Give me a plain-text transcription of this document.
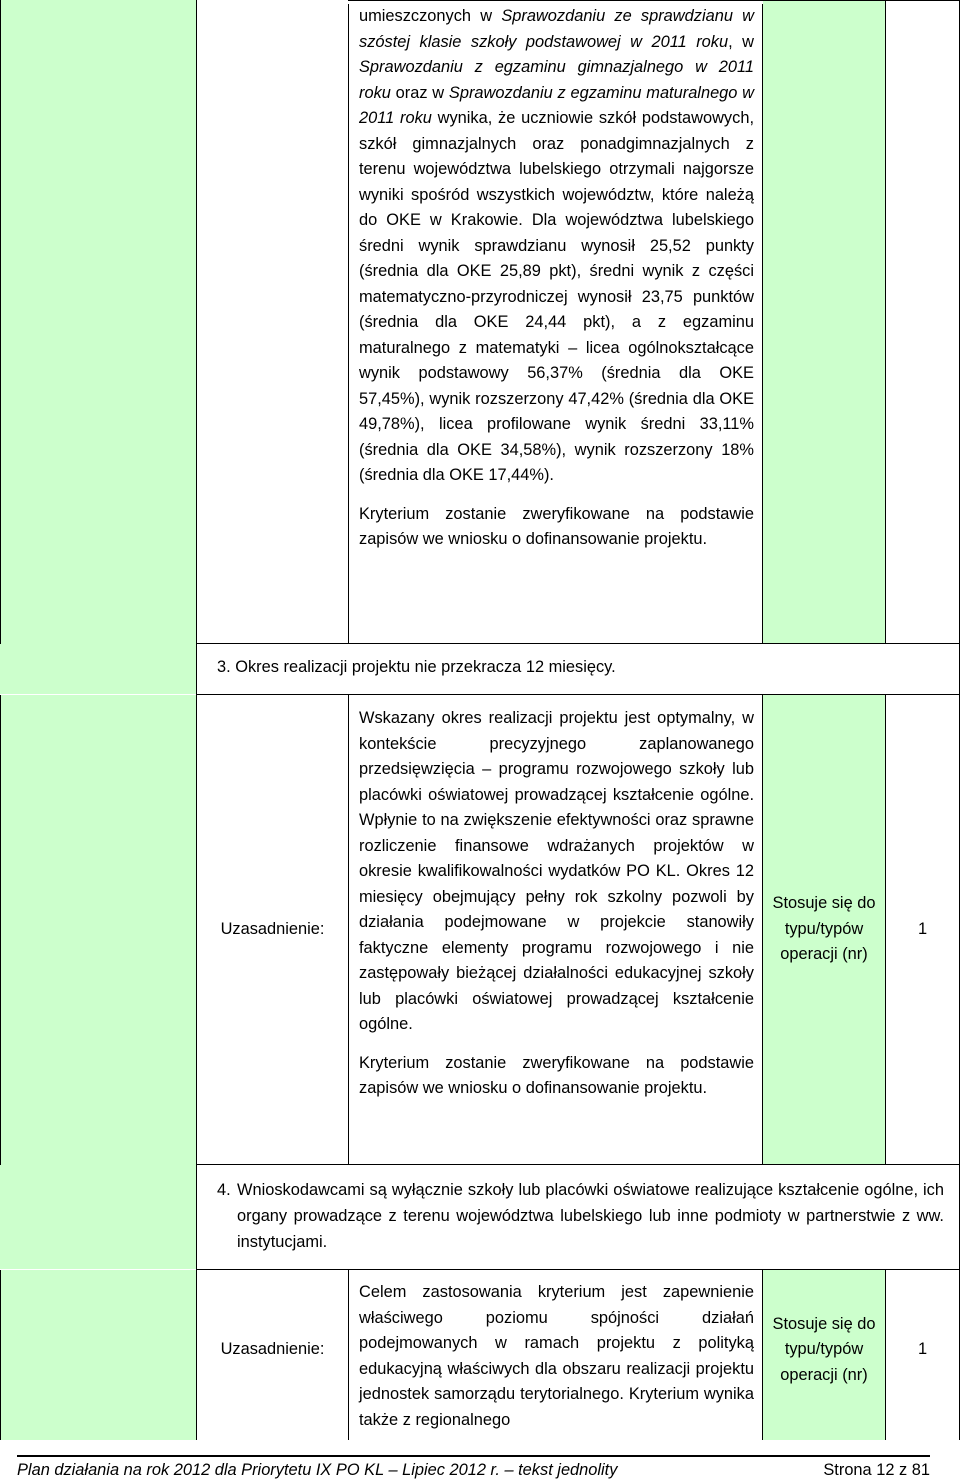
umieszczonych w Sprawozdaniu ze sprawdzianu w szóstej klasie szkoły podstawowej w 2011 roku, w Sprawozdaniu z egzaminu gimnazjalnego w 2011 roku oraz w Sprawozdaniu z egzaminu maturalnego w 2011 roku wynika, że uczniowie szkół podstawowych, szkół gimnazjalnych oraz ponadgimnazjalnych z terenu województwa lubelskiego otrzymali najgorsze wyniki spośród wszystkich województw, które należą do OKE w Krakowie. Dla województwa lubelskiego średni wynik sprawdzianu wynosił 25,52 punkty (średnia dla OKE 25,89 pkt), średni wynik z części matematyczno-przyrodniczej wynosił 23,75 punktów (średnia dla OKE 24,44 pkt), a z egzaminu maturalnego z matematyki – licea ogólnokształcące wynik podstawowy 56,37% (średnia dla OKE 57,45%), wynik rozszerzony 47,42% (średnia dla OKE 49,78%), licea profilowane wynik średni 33,11% (średnia dla OKE 34,58%), wynik rozszerzony 18% (średnia dla OKE 17,44%).

Kryterium zostanie zweryfikowane na podstawie zapisów we wniosku o dofinansowanie projektu.

3. Okres realizacji projektu nie przekracza 12 miesięcy.
Uzasadnienie:

Wskazany okres realizacji projektu jest optymalny, w kontekście precyzyjnego zaplanowanego przedsięwzięcia – programu rozwojowego szkoły lub placówki oświatowej prowadzącej kształcenie ogólne. Wpłynie to na zwiększenie efektywności oraz sprawne rozliczenie finansowe wdrażanych projektów w okresie kwalifikowalności wydatków PO KL. Okres 12 miesięcy obejmujący pełny rok szkolny pozwoli by działania podejmowane w projekcie stanowiły faktyczne elementy programu rozwojowego i nie zastępowały bieżącej działalności edukacyjnej szkoły lub placówki oświatowej prowadzącej kształcenie ogólne.

Kryterium zostanie zweryfikowane na podstawie zapisów we wniosku o dofinansowanie projektu.

Stosuje się do typu/typów operacji (nr)
1
4. Wnioskodawcami są wyłącznie szkoły lub placówki oświatowe realizujące kształcenie ogólne, ich organy prowadzące z terenu województwa lubelskiego lub inne podmioty w partnerstwie z ww. instytucjami.
Uzasadnienie:

Celem zastosowania kryterium jest zapewnienie właściwego poziomu spójności działań podejmowanych w ramach projektu z polityką edukacyjną właściwych dla obszaru realizacji projektu jednostek samorządu terytorialnego. Kryterium wynika także z regionalnego

Stosuje się do typu/typów operacji (nr)
1
Plan działania na rok 2012 dla Priorytetu IX PO KL – Lipiec 2012 r. – tekst jednolity	Strona 12 z 81
